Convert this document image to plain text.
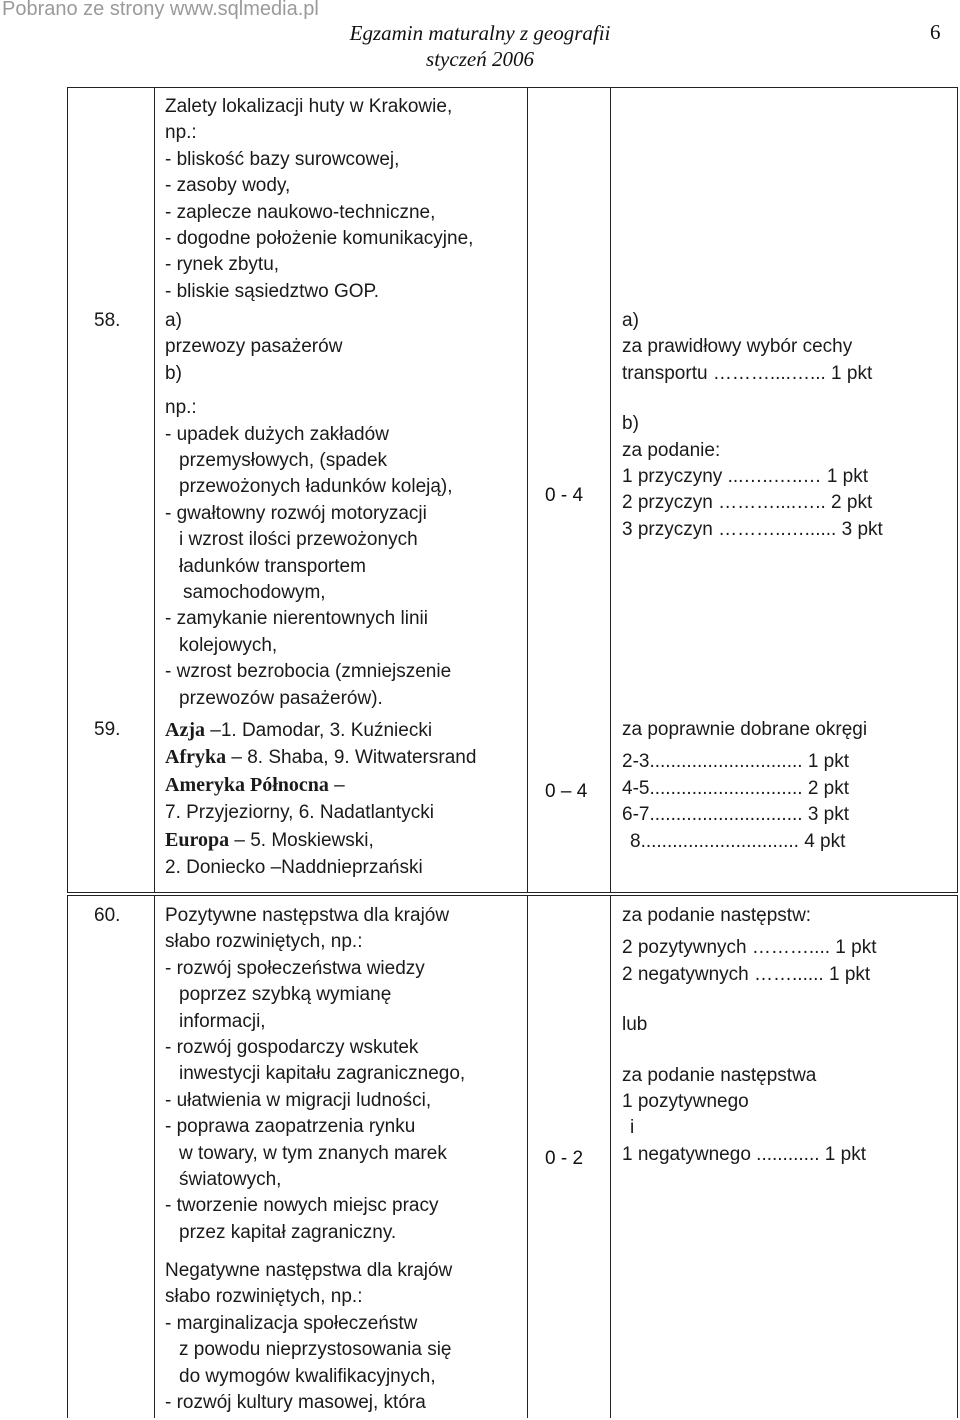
Pobrano ze strony www.sqlmedia.pl
Egzamin maturalny z geografii
styczeń 2006
6
Zalety lokalizacji huty w Krakowie,
np.:
- bliskość bazy surowcowej,
- zasoby wody,
- zaplecze naukowo-techniczne,
- dogodne położenie komunikacyjne,
- rynek zbytu,
- bliskie sąsiedztwo GOP.
58. a)
przewozy pasażerów
b)
np.:
- upadek dużych zakładów
przemysłowych, (spadek
przewożonych ładunków koleją),
- gwałtowny rozwój motoryzacji
i wzrost ilości przewożonych
ładunków transportem
samochodowym,
- zamykanie nierentownych linii
kolejowych,
- wzrost bezrobocia (zmniejszenie
przewozów pasażerów).
0 - 4
a)
za prawidłowy wybór cechy
transportu ………....…... 1 pkt
b)
za podanie:
1 przyczyny ...…..…..… 1 pkt
2 przyczyn ………....….. 2 pkt
3 przyczyn ………..…...... 3 pkt
59. Azja –1. Damodar, 3. Kuźniecki
Afryka – 8. Shaba, 9. Witwatersrand
Ameryka Północna –
7. Przyjeziorny, 6. Nadatlantycki
Europa – 5. Moskiewski,
2. Doniecko –Naddnieprzański
0 – 4
za poprawnie dobrane okręgi
2-3............................. 1 pkt
4-5............................. 2 pkt
6-7............................. 3 pkt
8.............................. 4 pkt
60. Pozytywne następstwa dla krajów
słabo rozwiniętych, np.:
- rozwój społeczeństwa wiedzy
poprzez szybką wymianę
informacji,
- rozwój gospodarczy wskutek
inwestycji kapitału zagranicznego,
- ułatwienia w migracji ludności,
- poprawa zaopatrzenia rynku
w towary, w tym znanych marek
światowych,
- tworzenie nowych miejsc pracy
przez kapitał zagraniczny.
Negatywne następstwa dla krajów
słabo rozwiniętych, np.:
- marginalizacja społeczeństw
z powodu nieprzystosowania się
do wymogów kwalifikacyjnych,
- rozwój kultury masowej, która
0 - 2
za podanie następstw:
2 pozytywnych ……….... 1 pkt
2 negatywnych ……...... 1 pkt
lub
za podanie następstwa
1 pozytywnego
i
1 negatywnego ............ 1 pkt
